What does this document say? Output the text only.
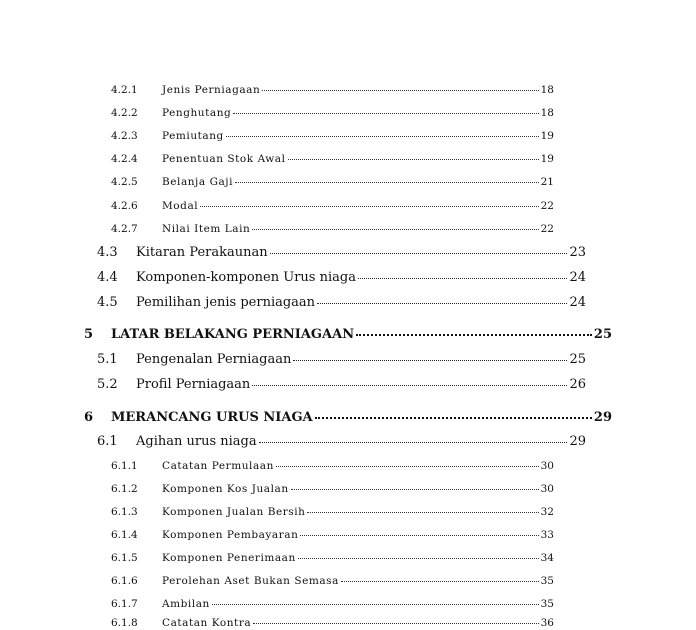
4.2.1	Jenis Perniagaan	18
4.2.2	Penghutang	18
4.2.3	Pemiutang	19
4.2.4	Penentuan Stok Awal	19
4.2.5	Belanja Gaji	21
4.2.6	Modal	22
4.2.7	Nilai Item Lain	22
4.3	Kitaran Perakaunan	23
4.4	Komponen-komponen Urus niaga	24
4.5	Pemilihan jenis perniagaan	24
5	LATAR BELAKANG PERNIAGAAN	25
5.1	Pengenalan Perniagaan	25
5.2	Profil Perniagaan	26
6	MERANCANG URUS NIAGA	29
6.1	Agihan urus niaga	29
6.1.1	Catatan Permulaan	30
6.1.2	Komponen Kos Jualan	30
6.1.3	Komponen Jualan Bersih	32
6.1.4	Komponen Pembayaran	33
6.1.5	Komponen Penerimaan	34
6.1.6	Perolehan Aset Bukan Semasa	35
6.1.7	Ambilan	35
6.1.8	Catatan Kontra	36
